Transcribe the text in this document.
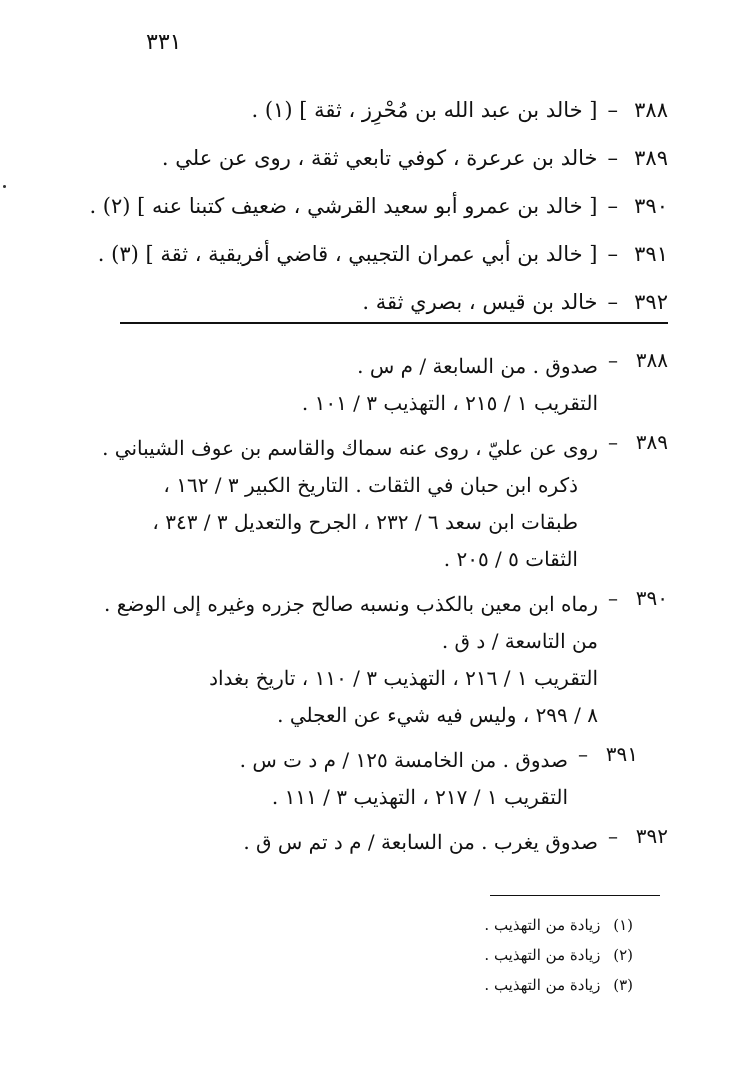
٣٣١
٣٨٨
–
[ خالد بن عبد الله بن مُحْرِز ، ثقة ] (١) .
٣٨٩
–
خالد بن عرعرة ، كوفي تابعي ثقة ، روى عن علي .
٣٩٠
–
[ خالد بن عمرو أبو سعيد القرشي ، ضعيف كتبنا عنه ] (٢) .
٣٩١
–
[ خالد بن أبي عمران التجيبي ، قاضي أفريقية ، ثقة ] (٣) .
٣٩٢
–
خالد بن قيس ، بصري ثقة .
٣٨٨
–
صدوق . من السابعة / م س .
التقريب ١ / ٢١٥ ، التهذيب ٣ / ١٠١ .
٣٨٩
–
روى عن عليّ ، روى عنه سماك والقاسم بن عوف الشيباني .
ذكره ابن حبان في الثقات . التاريخ الكبير ٣ / ١٦٢ ،
طبقات ابن سعد ٦ / ٢٣٢ ، الجرح والتعديل ٣ / ٣٤٣ ،
الثقات ٥ / ٢٠٥ .
٣٩٠
–
رماه ابن معين بالكذب ونسبه صالح جزره وغيره إلى الوضع .
من التاسعة / د ق .
التقريب ١ / ٢١٦ ، التهذيب ٣ / ١١٠ ، تاريخ بغداد
٨ / ٢٩٩ ، وليس فيه شيء عن العجلي .
٣٩١
–
صدوق . من الخامسة ١٢٥ / م د ت س .
التقريب ١ / ٢١٧ ، التهذيب ٣ / ١١١ .
٣٩٢
–
صدوق يغرب . من السابعة / م د تم س ق .
(١) زيادة من التهذيب .
(٢) زيادة من التهذيب .
(٣) زيادة من التهذيب .
